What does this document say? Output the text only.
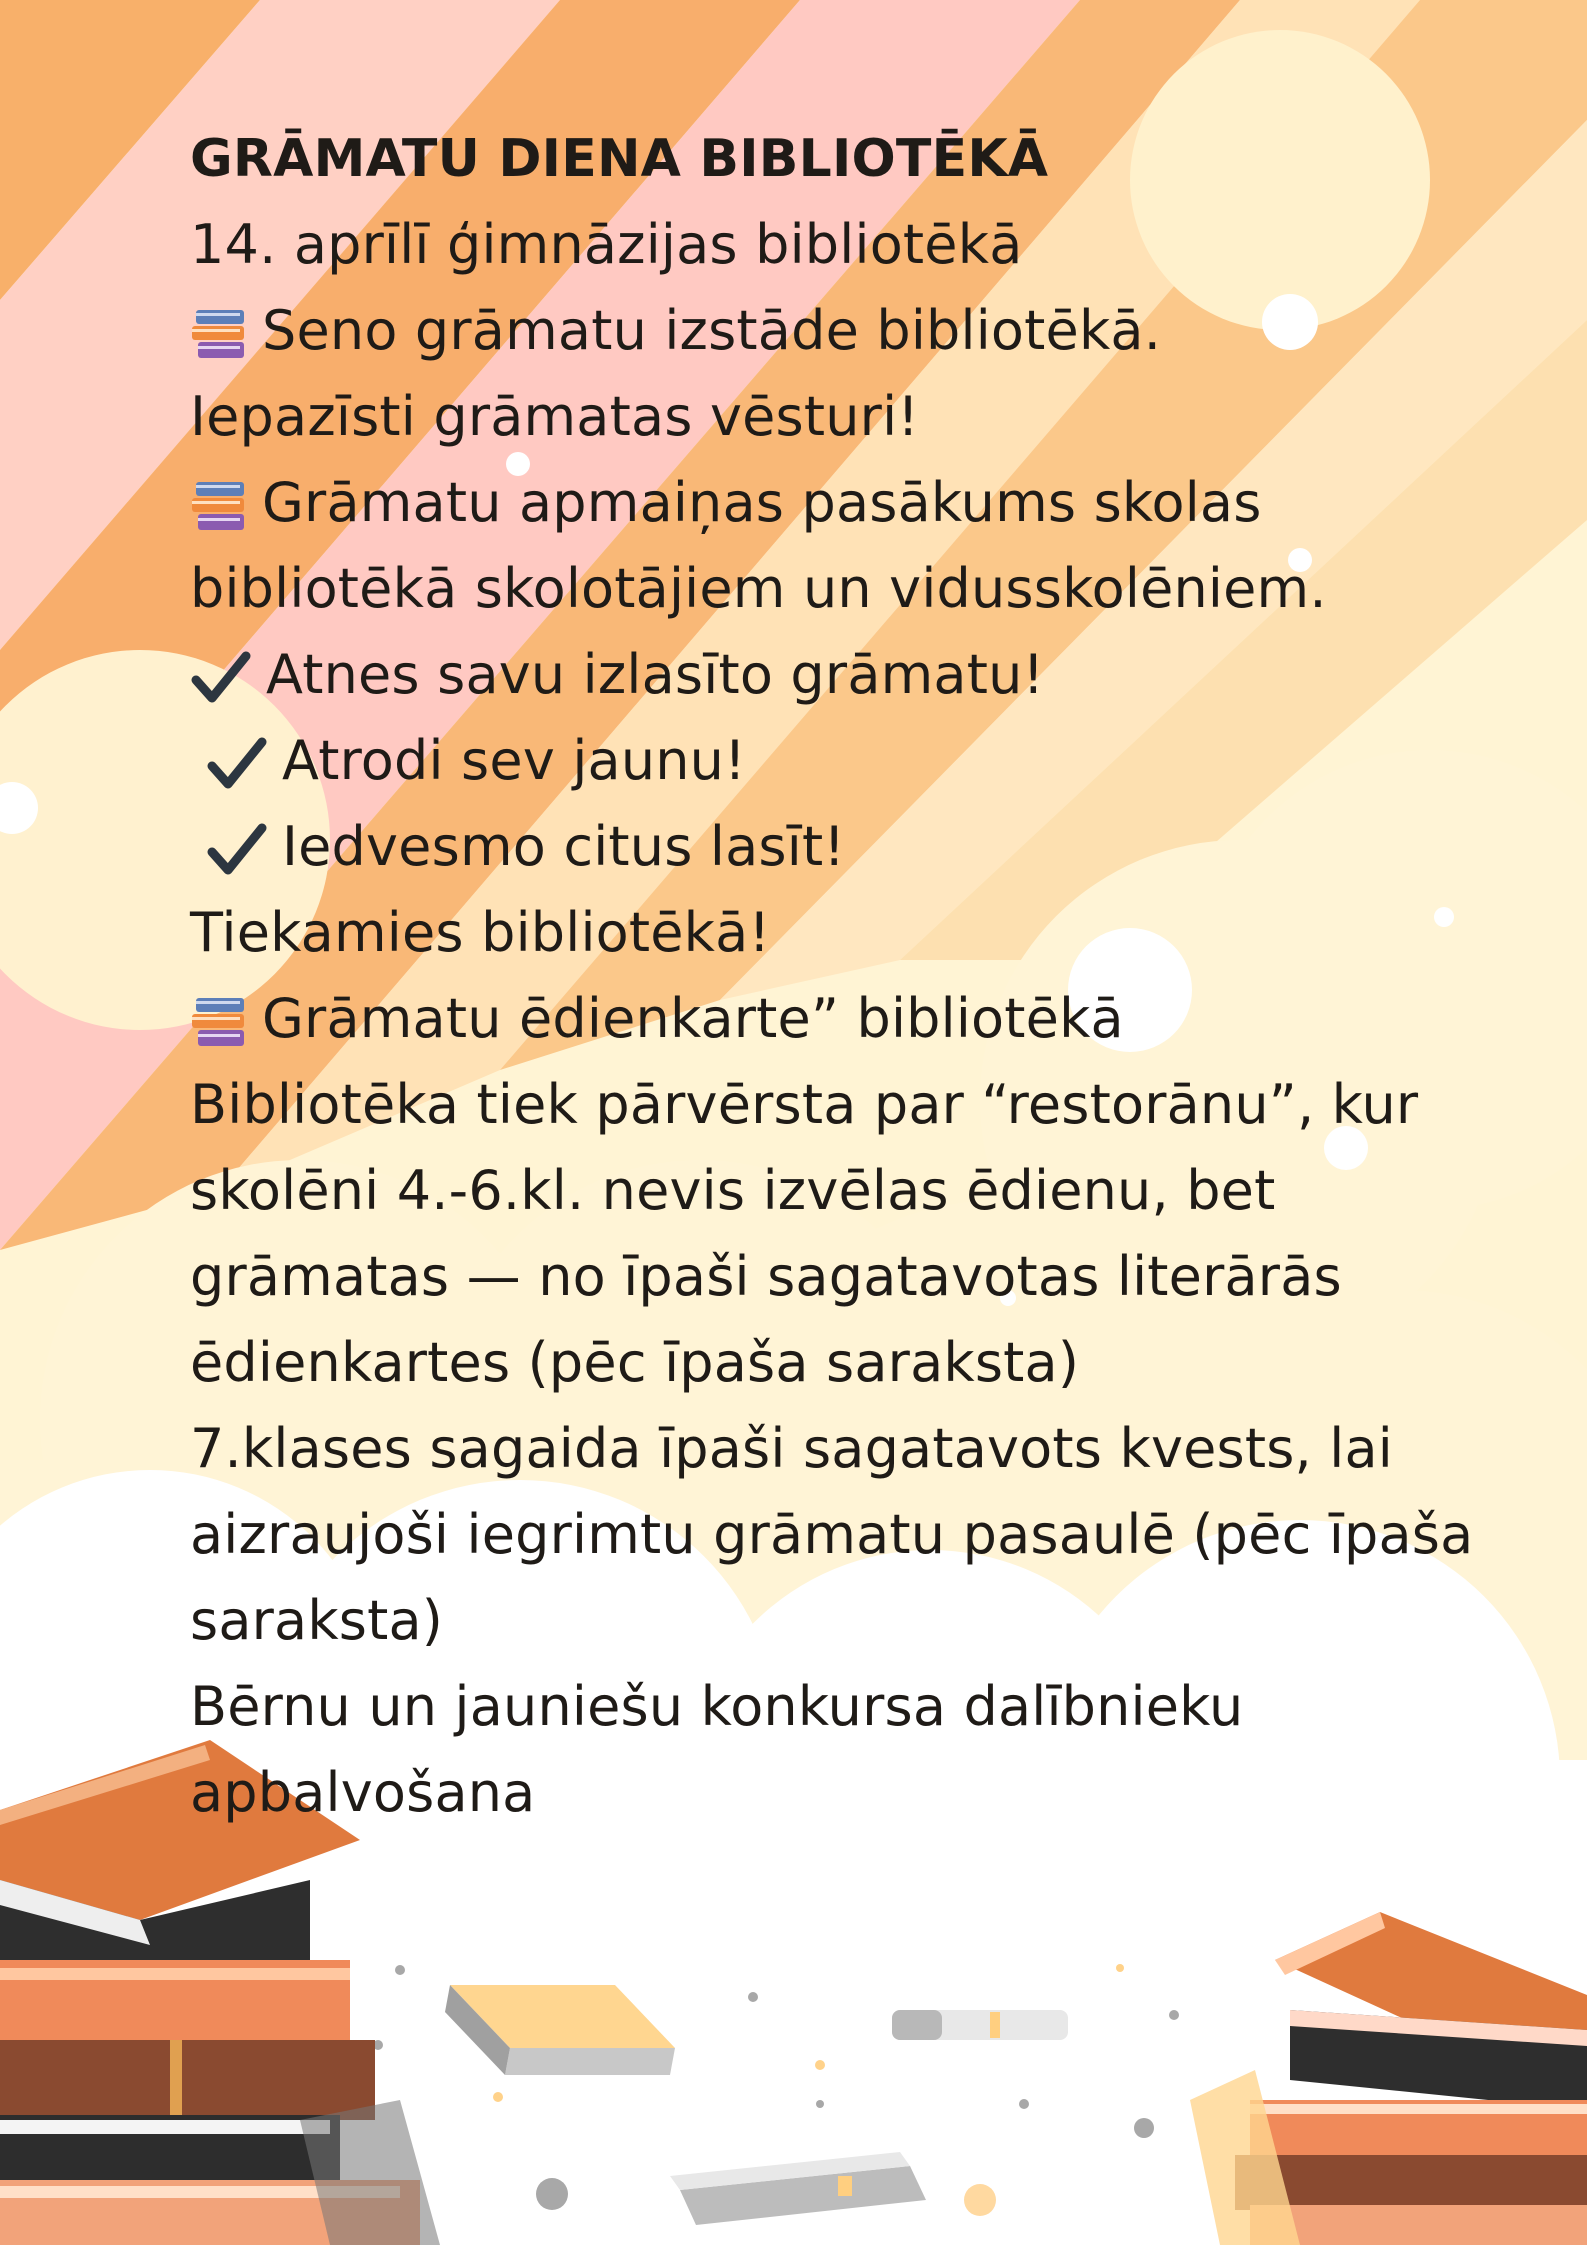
GRĀMATU DIENA BIBLIOTĒKĀ
14. aprīlī ģimnāzijas bibliotēkā
Seno grāmatu izstāde bibliotēkā.
Iepazīsti grāmatas vēsturi!
Grāmatu apmaiņas pasākums skolas
bibliotēkā skolotājiem un vidusskolēniem.
Atnes savu izlasīto grāmatu!
Atrodi sev jaunu!
Iedvesmo citus lasīt!
Tiekamies bibliotēkā!
Grāmatu ēdienkarte” bibliotēkā
Bibliotēka tiek pārvērsta par “restorānu”, kur
skolēni 4.-6.kl. nevis izvēlas ēdienu, bet
grāmatas — no īpaši sagatavotas literārās
ēdienkartes (pēc īpaša saraksta)
7.klases sagaida īpaši sagatavots kvests, lai
aizraujoši iegrimtu grāmatu pasaulē (pēc īpaša
saraksta)
Bērnu un jauniešu konkursa dalībnieku
apbalvošana
